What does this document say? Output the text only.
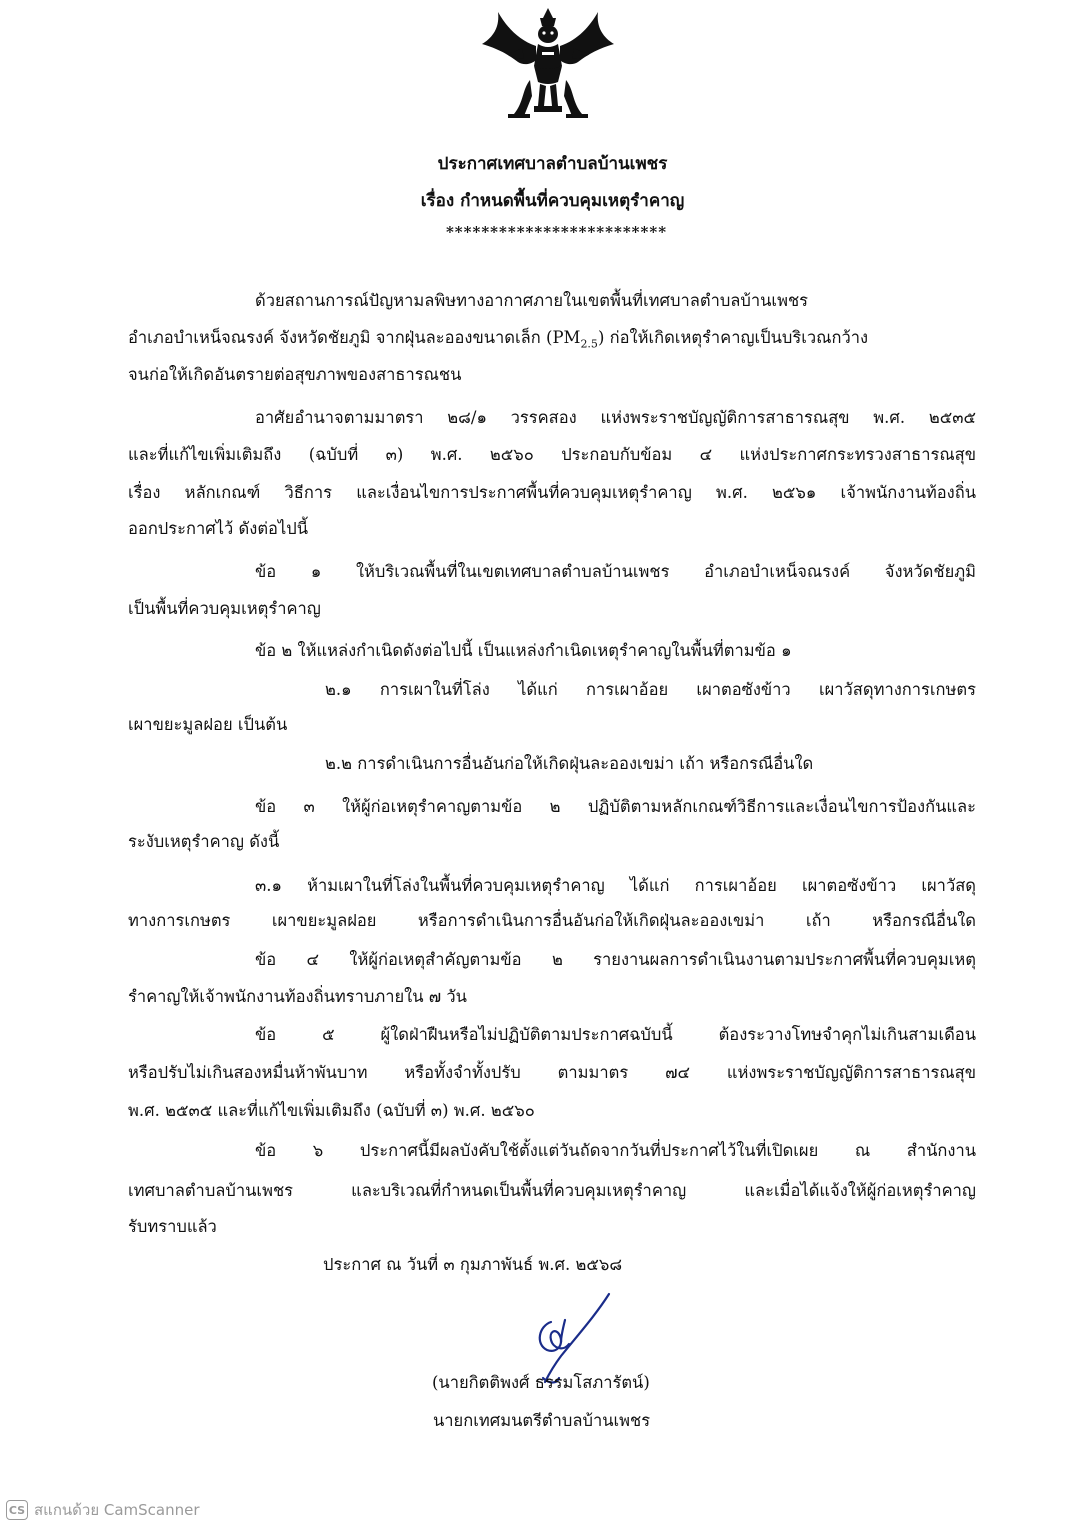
ประกาศเทศบาลตำบลบ้านเพชร
เรื่อง กำหนดพื้นที่ควบคุมเหตุรำคาญ
*************************
ด้วยสถานการณ์ปัญหามลพิษทางอากาศภายในเขตพื้นที่เทศบาลตำบลบ้านเพชร
อำเภอบำเหน็จณรงค์ จังหวัดชัยภูมิ จากฝุ่นละอองขนาดเล็ก $(PM_{2.5})$ ก่อให้เกิดเหตุรำคาญเป็นบริเวณกว้าง
จนก่อให้เกิดอันตรายต่อสุขภาพของสาธารณชน
อาศัยอำนาจตามมาตรา ๒๘/๑ วรรคสอง แห่งพระราชบัญญัติการสาธารณสุข พ.ศ. ๒๕๓๕
และที่แก้ไขเพิ่มเติมถึง (ฉบับที่ ๓) พ.ศ. ๒๕๖๐ ประกอบกับข้อม ๔ แห่งประกาศกระทรวงสาธารณสุข
เรื่อง หลักเกณฑ์ วิธีการ และเงื่อนไขการประกาศพื้นที่ควบคุมเหตุรำคาญ พ.ศ. ๒๕๖๑ เจ้าพนักงานท้องถิ่น
ออกประกาศไว้ ดังต่อไปนี้
ข้อ ๑ ให้บริเวณพื้นที่ในเขตเทศบาลตำบลบ้านเพชร อำเภอบำเหน็จณรงค์ จังหวัดชัยภูมิ
เป็นพื้นที่ควบคุมเหตุรำคาญ
ข้อ ๒ ให้แหล่งกำเนิดดังต่อไปนี้ เป็นแหล่งกำเนิดเหตุรำคาญในพื้นที่ตามข้อ ๑
๒.๑ การเผาในที่โล่ง ได้แก่ การเผาอ้อย เผาตอซังข้าว เผาวัสดุทางการเกษตร
เผาขยะมูลฝอย เป็นต้น
๒.๒ การดำเนินการอื่นอันก่อให้เกิดฝุ่นละอองเขม่า เถ้า หรือกรณีอื่นใด
ข้อ ๓ ให้ผู้ก่อเหตุรำคาญตามข้อ ๒ ปฏิบัติตามหลักเกณฑ์วิธีการและเงื่อนไขการป้องกันและ
ระงับเหตุรำคาญ ดังนี้
๓.๑ ห้ามเผาในที่โล่งในพื้นที่ควบคุมเหตุรำคาญ ได้แก่ การเผาอ้อย เผาตอซังข้าว เผาวัสดุ
ทางการเกษตร เผาขยะมูลฝอย หรือการดำเนินการอื่นอันก่อให้เกิดฝุ่นละอองเขม่า เถ้า หรือกรณีอื่นใด
ข้อ ๔ ให้ผู้ก่อเหตุสำคัญตามข้อ ๒ รายงานผลการดำเนินงานตามประกาศพื้นที่ควบคุมเหตุ
รำคาญให้เจ้าพนักงานท้องถิ่นทราบภายใน ๗ วัน
ข้อ ๕ ผู้ใดฝ่าฝืนหรือไม่ปฏิบัติตามประกาศฉบับนี้ ต้องระวางโทษจำคุกไม่เกินสามเดือน
หรือปรับไม่เกินสองหมื่นห้าพันบาท หรือทั้งจำทั้งปรับ ตามมาตร ๗๔ แห่งพระราชบัญญัติการสาธารณสุข
พ.ศ. ๒๕๓๕ และที่แก้ไขเพิ่มเติมถึง (ฉบับที่ ๓) พ.ศ. ๒๕๖๐
ข้อ ๖ ประกาศนี้มีผลบังคับใช้ตั้งแต่วันถัดจากวันที่ประกาศไว้ในที่เปิดเผย ณ สำนักงาน
เทศบาลตำบลบ้านเพชร และบริเวณที่กำหนดเป็นพื้นที่ควบคุมเหตุรำคาญ และเมื่อได้แจ้งให้ผู้ก่อเหตุรำคาญ
รับทราบแล้ว
ประกาศ ณ วันที่ ๓ กุมภาพันธ์ พ.ศ. ๒๕๖๘
(นายกิตติพงศ์ ธรรมโสภารัตน์)
นายกเทศมนตรีตำบลบ้านเพชร
CS สแกนด้วย CamScanner
